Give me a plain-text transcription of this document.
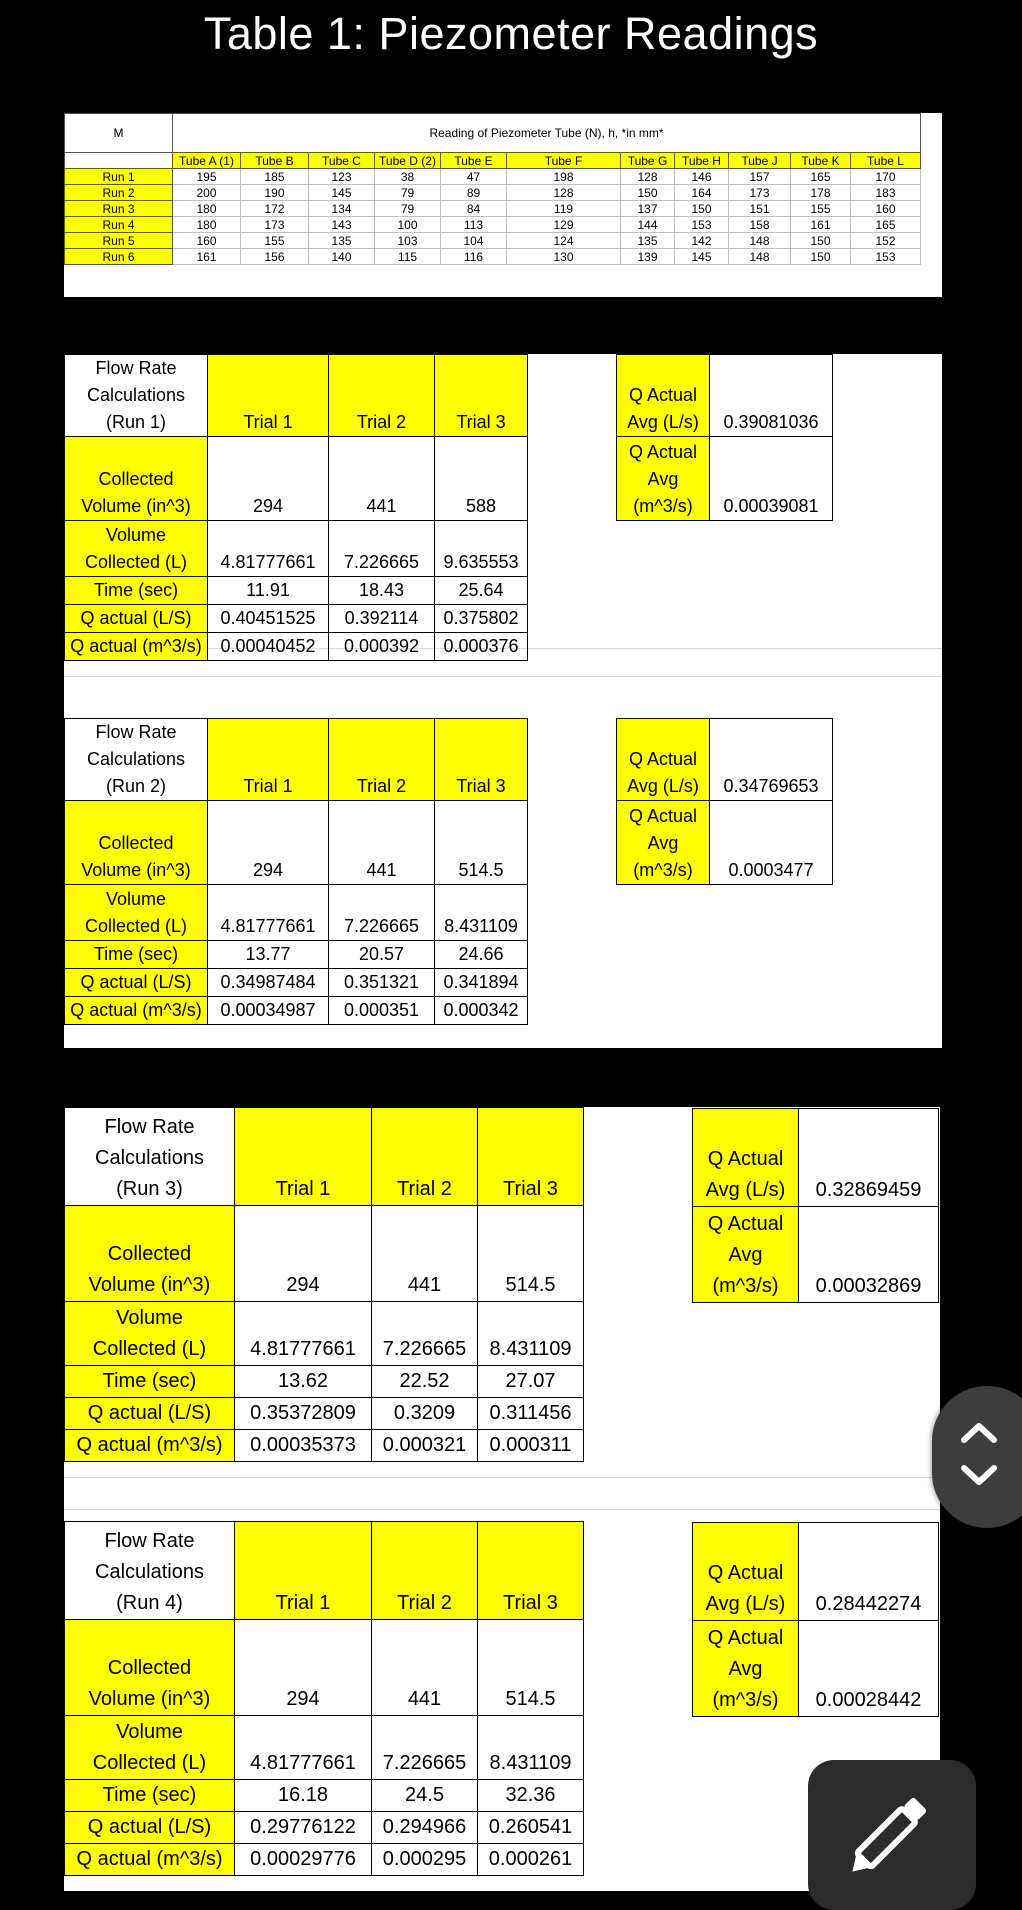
Table 1: Piezometer Readings
M	Reading of Piezometer Tube (N), h, *in mm*										
	Tube A (1)	Tube B	Tube C	Tube D (2)	Tube E	Tube F	Tube G	Tube H	Tube J	Tube K	Tube L
Run 1	195	185	123	38	47	198	128	146	157	165	170
Run 2	200	190	145	79	89	128	150	164	173	178	183
Run 3	180	172	134	79	84	119	137	150	151	155	160
Run 4	180	173	143	100	113	129	144	153	158	161	165
Run 5	160	155	135	103	104	124	135	142	148	150	152
Run 6	161	156	140	115	116	130	139	145	148	150	153
Flow Rate
Calculations
(Run 1)	Trial 1	Trial 2	Trial 3
Collected
Volume (in^3)	294	441	588
Volume
Collected (L)	4.81777661	7.226665	9.635553
Time (sec)	11.91	18.43	25.64
Q actual (L/S)	0.40451525	0.392114	0.375802
Q actual (m^3/s)	0.00040452	0.000392	0.000376
Q Actual
Avg (L/s)	0.39081036
Q Actual
Avg
(m^3/s)	0.00039081
Flow Rate
Calculations
(Run 2)	Trial 1	Trial 2	Trial 3
Collected
Volume (in^3)	294	441	514.5
Volume
Collected (L)	4.81777661	7.226665	8.431109
Time (sec)	13.77	20.57	24.66
Q actual (L/S)	0.34987484	0.351321	0.341894
Q actual (m^3/s)	0.00034987	0.000351	0.000342
Q Actual
Avg (L/s)	0.34769653
Q Actual
Avg
(m^3/s)	0.0003477
Flow Rate
Calculations
(Run 3)	Trial 1	Trial 2	Trial 3
Collected
Volume (in^3)	294	441	514.5
Volume
Collected (L)	4.81777661	7.226665	8.431109
Time (sec)	13.62	22.52	27.07
Q actual (L/S)	0.35372809	0.3209	0.311456
Q actual (m^3/s)	0.00035373	0.000321	0.000311
Q Actual
Avg (L/s)	0.32869459
Q Actual
Avg
(m^3/s)	0.00032869
Flow Rate
Calculations
(Run 4)	Trial 1	Trial 2	Trial 3
Collected
Volume (in^3)	294	441	514.5
Volume
Collected (L)	4.81777661	7.226665	8.431109
Time (sec)	16.18	24.5	32.36
Q actual (L/S)	0.29776122	0.294966	0.260541
Q actual (m^3/s)	0.00029776	0.000295	0.000261
Q Actual
Avg (L/s)	0.28442274
Q Actual
Avg
(m^3/s)	0.00028442
